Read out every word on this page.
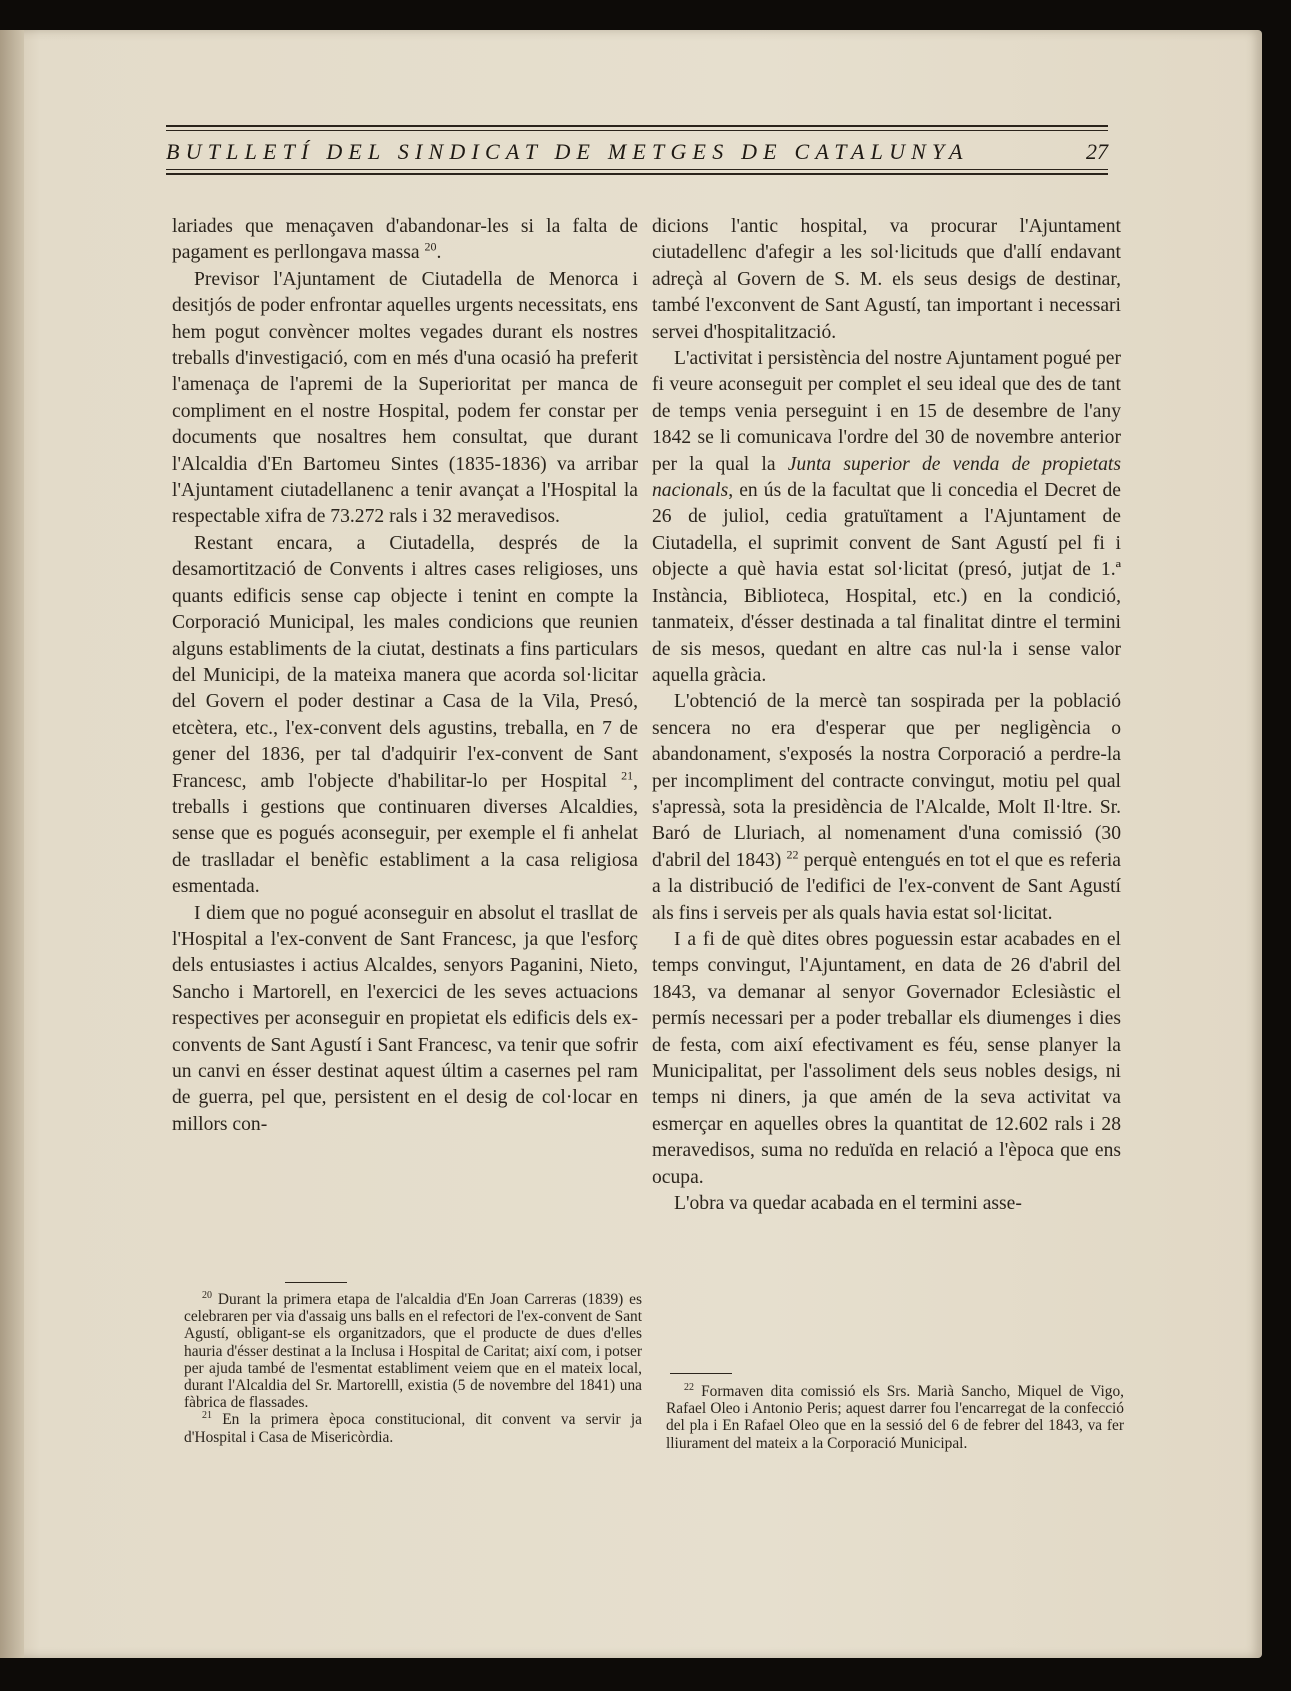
BUTLLETÍ DEL SINDICAT DE METGES DE CATALUNYA	27

lariades que menaçaven d'abandonar-les si la falta de pagament es perllongava massa $^{20}$.

Previsor l'Ajuntament de Ciutadella de Menorca i desitjós de poder enfrontar aquelles urgents necessitats, ens hem pogut convèncer moltes vegades durant els nostres treballs d'investigació, com en més d'una ocasió ha preferit l'amenaça de l'apremi de la Superioritat per manca de compliment en el nostre Hospital, podem fer constar per documents que nosaltres hem consultat, que durant l'Alcaldia d'En Bartomeu Sintes (1835-1836) va arribar l'Ajuntament ciutadellanenc a tenir avançat a l'Hospital la respectable xifra de 73.272 rals i 32 meravedisos.

Restant encara, a Ciutadella, després de la desamortització de Convents i altres cases religioses, uns quants edificis sense cap objecte i tenint en compte la Corporació Municipal, les males condicions que reunien alguns establiments de la ciutat, destinats a fins particulars del Municipi, de la mateixa manera que acorda sol·licitar del Govern el poder destinar a Casa de la Vila, Presó, etcètera, etc., l'ex-convent dels agustins, treballa, en 7 de gener del 1836, per tal d'adquirir l'ex-convent de Sant Francesc, amb l'objecte d'habilitar-lo per Hospital $^{21}$, treballs i gestions que continuaren diverses Alcaldies, sense que es pogués aconseguir, per exemple el fi anhelat de traslladar el benèfic establiment a la casa religiosa esmentada.

I diem que no pogué aconseguir en absolut el trasllat de l'Hospital a l'ex-convent de Sant Francesc, ja que l'esforç dels entusiastes i actius Alcaldes, senyors Paganini, Nieto, Sancho i Martorell, en l'exercici de les seves actuacions respectives per aconseguir en propietat els edificis dels ex-convents de Sant Agustí i Sant Francesc, va tenir que sofrir un canvi en ésser destinat aquest últim a casernes pel ram de guerra, pel que, persistent en el desig de col·locar en millors con-

$^{20}$ Durant la primera etapa de l'alcaldia d'En Joan Carreras (1839) es celebraren per via d'assaig uns balls en el refectori de l'ex-convent de Sant Agustí, obligant-se els organitzadors, que el producte de dues d'elles hauria d'ésser destinat a la Inclusa i Hospital de Caritat; així com, i potser per ajuda també de l'esmentat establiment veiem que en el mateix local, durant l'Alcaldia del Sr. Martorelll, existia (5 de novembre del 1841) una fàbrica de flassades.

$^{21}$ En la primera època constitucional, dit convent va servir ja d'Hospital i Casa de Misericòrdia.

dicions l'antic hospital, va procurar l'Ajuntament ciutadellenc d'afegir a les sol·licituds que d'allí endavant adreçà al Govern de S. M. els seus desigs de destinar, també l'exconvent de Sant Agustí, tan important i necessari servei d'hospitalització.

L'activitat i persistència del nostre Ajuntament pogué per fi veure aconseguit per complet el seu ideal que des de tant de temps venia perseguint i en 15 de desembre de l'any 1842 se li comunicava l'ordre del 30 de novembre anterior per la qual la Junta superior de venda de propietats nacionals, en ús de la facultat que li concedia el Decret de 26 de juliol, cedia gratuïtament a l'Ajuntament de Ciutadella, el suprimit convent de Sant Agustí pel fi i objecte a què havia estat sol·licitat (presó, jutjat de 1.ª Instància, Biblioteca, Hospital, etc.) en la condició, tanmateix, d'ésser destinada a tal finalitat dintre el termini de sis mesos, quedant en altre cas nul·la i sense valor aquella gràcia.

L'obtenció de la mercè tan sospirada per la població sencera no era d'esperar que per negligència o abandonament, s'exposés la nostra Corporació a perdre-la per incompliment del contracte convingut, motiu pel qual s'apressà, sota la presidència de l'Alcalde, Molt Il·ltre. Sr. Baró de Lluriach, al nomenament d'una comissió (30 d'abril del 1843) $^{22}$ perquè entengués en tot el que es referia a la distribució de l'edifici de l'ex-convent de Sant Agustí als fins i serveis per als quals havia estat sol·licitat.

I a fi de què dites obres poguessin estar acabades en el temps convingut, l'Ajuntament, en data de 26 d'abril del 1843, va demanar al senyor Governador Eclesiàstic el permís necessari per a poder treballar els diumenges i dies de festa, com així efectivament es féu, sense planyer la Municipalitat, per l'assoliment dels seus nobles desigs, ni temps ni diners, ja que amén de la seva activitat va esmerçar en aquelles obres la quantitat de 12.602 rals i 28 meravedisos, suma no reduïda en relació a l'època que ens ocupa.

L'obra va quedar acabada en el termini asse-

$^{22}$ Formaven dita comissió els Srs. Marià Sancho, Miquel de Vigo, Rafael Oleo i Antonio Peris; aquest darrer fou l'encarregat de la confecció del pla i En Rafael Oleo que en la sessió del 6 de febrer del 1843, va fer lliurament del mateix a la Corporació Municipal.
